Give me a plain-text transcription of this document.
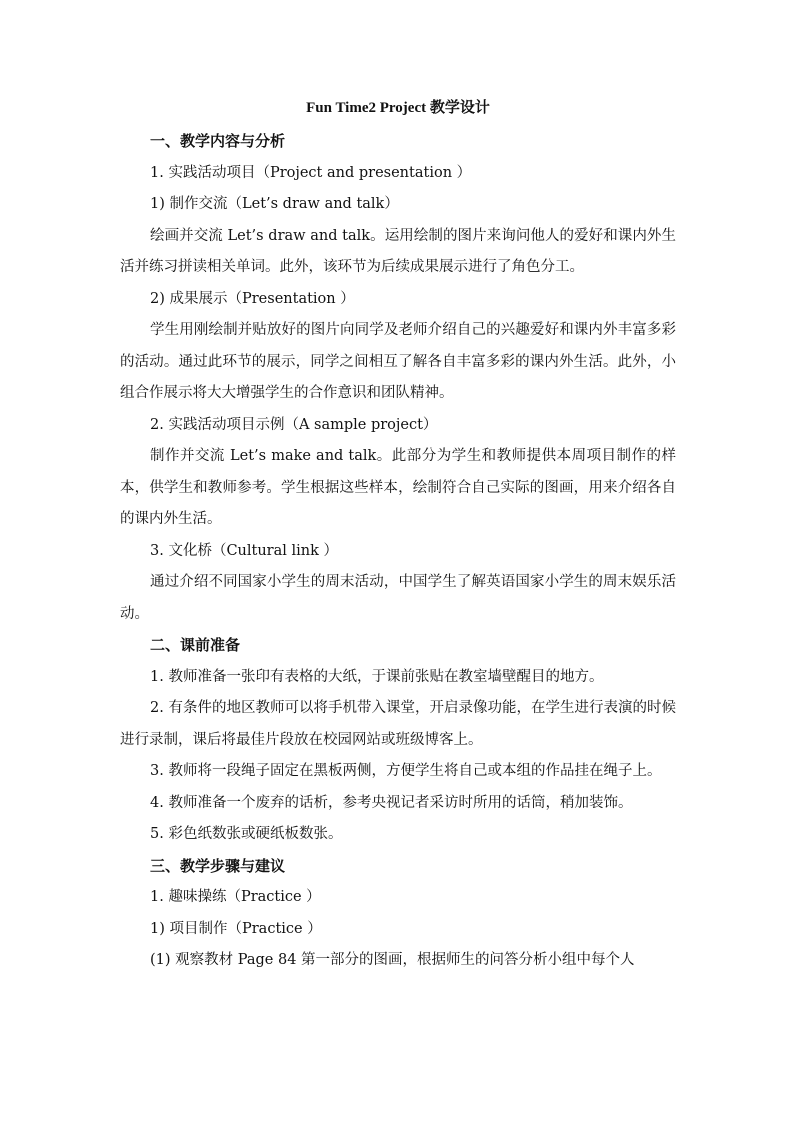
Fun Time2 Project 教学设计

一、教学内容与分析

1. 实践活动项目（Project and presentation ）

1) 制作交流（Let’s draw and talk）

绘画并交流 Let’s draw and talk。运用绘制的图片来询问他人的爱好和课内外生活并练习拼读相关单词。此外，该环节为后续成果展示进行了角色分工。

2) 成果展示（Presentation ）

学生用刚绘制并贴放好的图片向同学及老师介绍自己的兴趣爱好和课内外丰富多彩的活动。通过此环节的展示，同学之间相互了解各自丰富多彩的课内外生活。此外，小组合作展示将大大增强学生的合作意识和团队精神。

2. 实践活动项目示例（A sample project）

制作并交流 Let’s make and talk。此部分为学生和教师提供本周项目制作的样本，供学生和教师参考。学生根据这些样本，绘制符合自己实际的图画，用来介绍各自的课内外生活。

3. 文化桥（Cultural link ）

通过介绍不同国家小学生的周末活动，中国学生了解英语国家小学生的周末娱乐活动。

二、课前准备

1. 教师准备一张印有表格的大纸，于课前张贴在教室墙壁醒目的地方。

2. 有条件的地区教师可以将手机带入课堂，开启录像功能，在学生进行表演的时候进行录制，课后将最佳片段放在校园网站或班级博客上。

3. 教师将一段绳子固定在黑板两侧，方便学生将自己或本组的作品挂在绳子上。

4. 教师准备一个废弃的话析，参考央视记者采访时所用的话筒，稍加装饰。

5. 彩色纸数张或硬纸板数张。

三、教学步骤与建议

1. 趣味操练（Practice ）

1) 项目制作（Practice ）

(1) 观察教材 Page 84 第一部分的图画，根据师生的问答分析小组中每个人
